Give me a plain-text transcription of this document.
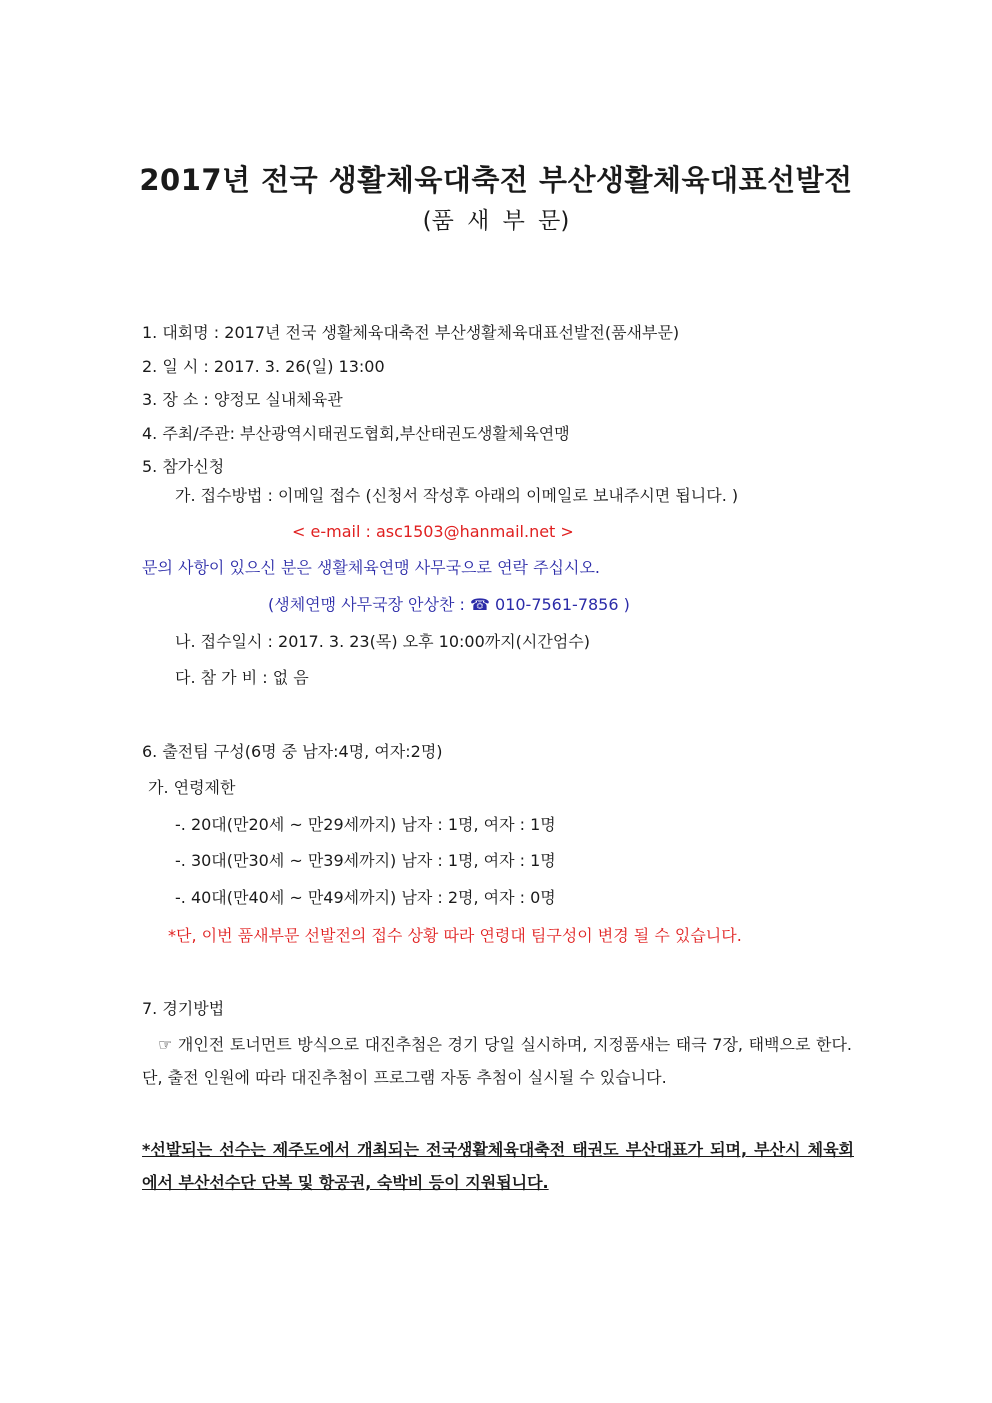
2017년 전국 생활체육대축전 부산생활체육대표선발전
(품 새 부 문)
1. 대회명 : 2017년 전국 생활체육대축전 부산생활체육대표선발전(품새부문)
2. 일 시 : 2017. 3. 26(일) 13:00
3. 장 소 : 양정모 실내체육관
4. 주최/주관: 부산광역시태권도협회,부산태권도생활체육연맹
5. 참가신청
가. 접수방법 : 이메일 접수 (신청서 작성후 아래의 이메일로 보내주시면 됩니다. )
< e-mail : asc1503@hanmail.net >
문의 사항이 있으신 분은 생활체육연맹 사무국으로 연락 주십시오.
(생체연맹 사무국장 안상찬 : ☎ 010-7561-7856 )
나. 접수일시 : 2017. 3. 23(목) 오후 10:00까지(시간엄수)
다. 참 가 비 : 없 음
6. 출전팀 구성(6명 중 남자:4명, 여자:2명)
가. 연령제한
-. 20대(만20세 ~ 만29세까지) 남자 : 1명, 여자 : 1명
-. 30대(만30세 ~ 만39세까지) 남자 : 1명, 여자 : 1명
-. 40대(만40세 ~ 만49세까지) 남자 : 2명, 여자 : 0명
*단, 이번 품새부문 선발전의 접수 상황 따라 연령대 팀구성이 변경 될 수 있습니다.
7. 경기방법
☞ 개인전 토너먼트 방식으로 대진추첨은 경기 당일 실시하며, 지정품새는 태극 7장, 태백으로 한다. 단, 출전 인원에 따라 대진추첨이 프로그램 자동 추첨이 실시될 수 있습니다.
*선발되는 선수는 제주도에서 개최되는 전국생활체육대축전 태권도 부산대표가 되며, 부산시 체육회에서 부산선수단 단복 및 항공권, 숙박비 등이 지원됩니다.
